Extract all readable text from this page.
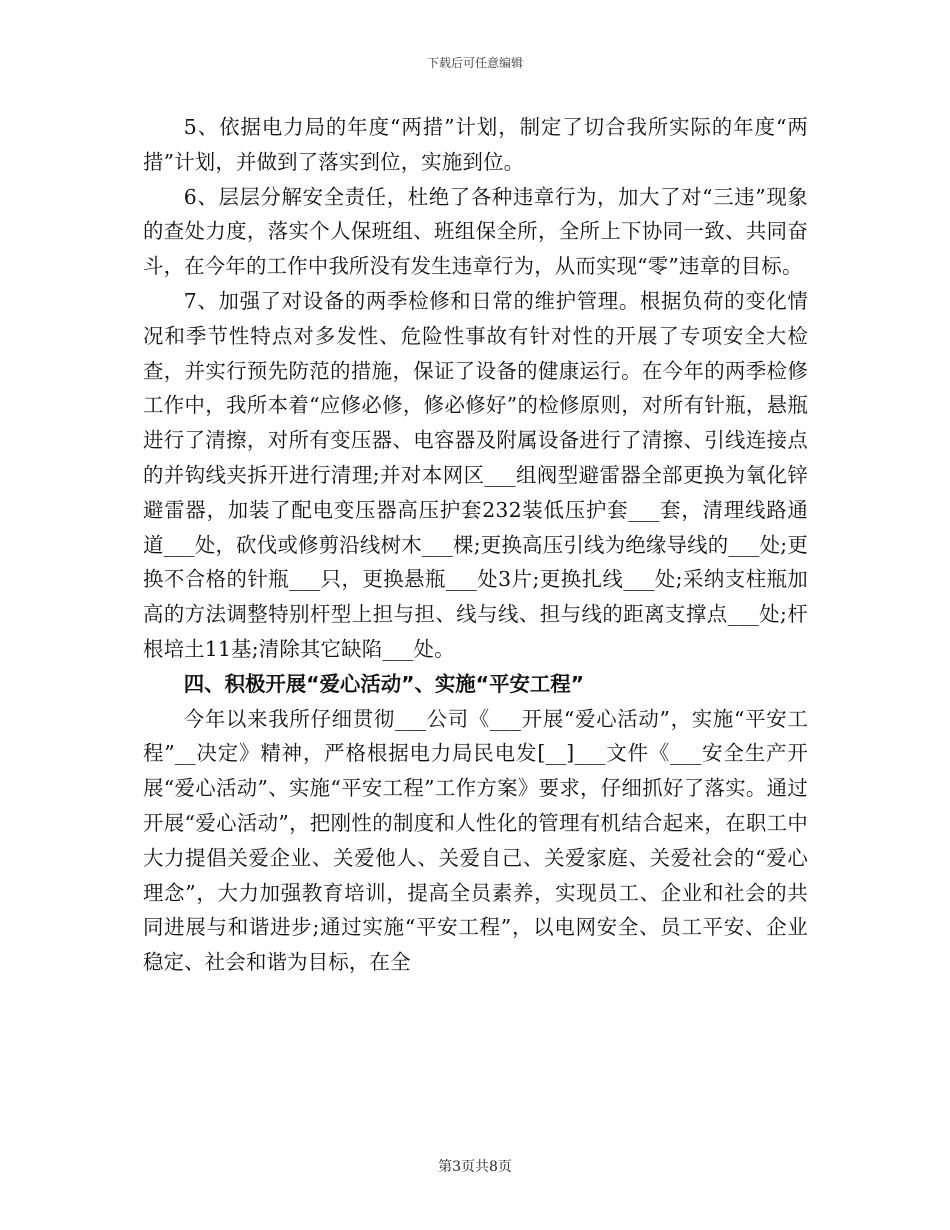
下载后可任意编辑

5、依据电力局的年度“两措”计划，制定了切合我所实际的年度“两措”计划，并做到了落实到位，实施到位。

6、层层分解安全责任，杜绝了各种违章行为，加大了对“三违”现象的查处力度，落实个人保班组、班组保全所，全所上下协同一致、共同奋斗，在今年的工作中我所没有发生违章行为，从而实现“零”违章的目标。

7、加强了对设备的两季检修和日常的维护管理。根据负荷的变化情况和季节性特点对多发性、危险性事故有针对性的开展了专项安全大检查，并实行预先防范的措施，保证了设备的健康运行。在今年的两季检修工作中，我所本着“应修必修，修必修好”的检修原则，对所有针瓶，悬瓶进行了清擦，对所有变压器、电容器及附属设备进行了清擦、引线连接点的并钩线夹拆开进行清理;并对本网区___组阀型避雷器全部更换为氧化锌避雷器，加装了配电变压器高压护套232装低压护套___套，清理线路通道___处，砍伐或修剪沿线树木___棵;更换高压引线为绝缘导线的___处;更换不合格的针瓶___只，更换悬瓶___处3片;更换扎线___处;采纳支柱瓶加高的方法调整特别杆型上担与担、线与线、担与线的距离支撑点___处;杆根培土11基;清除其它缺陷___处。

四、积极开展“爱心活动”、实施“平安工程”

今年以来我所仔细贯彻___公司《___开展“爱心活动”，实施“平安工程”__决定》精神，严格根据电力局民电发[__]___文件《___安全生产开展“爱心活动”、实施“平安工程”工作方案》要求，仔细抓好了落实。通过开展“爱心活动”，把刚性的制度和人性化的管理有机结合起来，在职工中大力提倡关爱企业、关爱他人、关爱自己、关爱家庭、关爱社会的“爱心理念”，大力加强教育培训，提高全员素养，实现员工、企业和社会的共同进展与和谐进步;通过实施“平安工程”，以电网安全、员工平安、企业稳定、社会和谐为目标，在全

第3页共8页
